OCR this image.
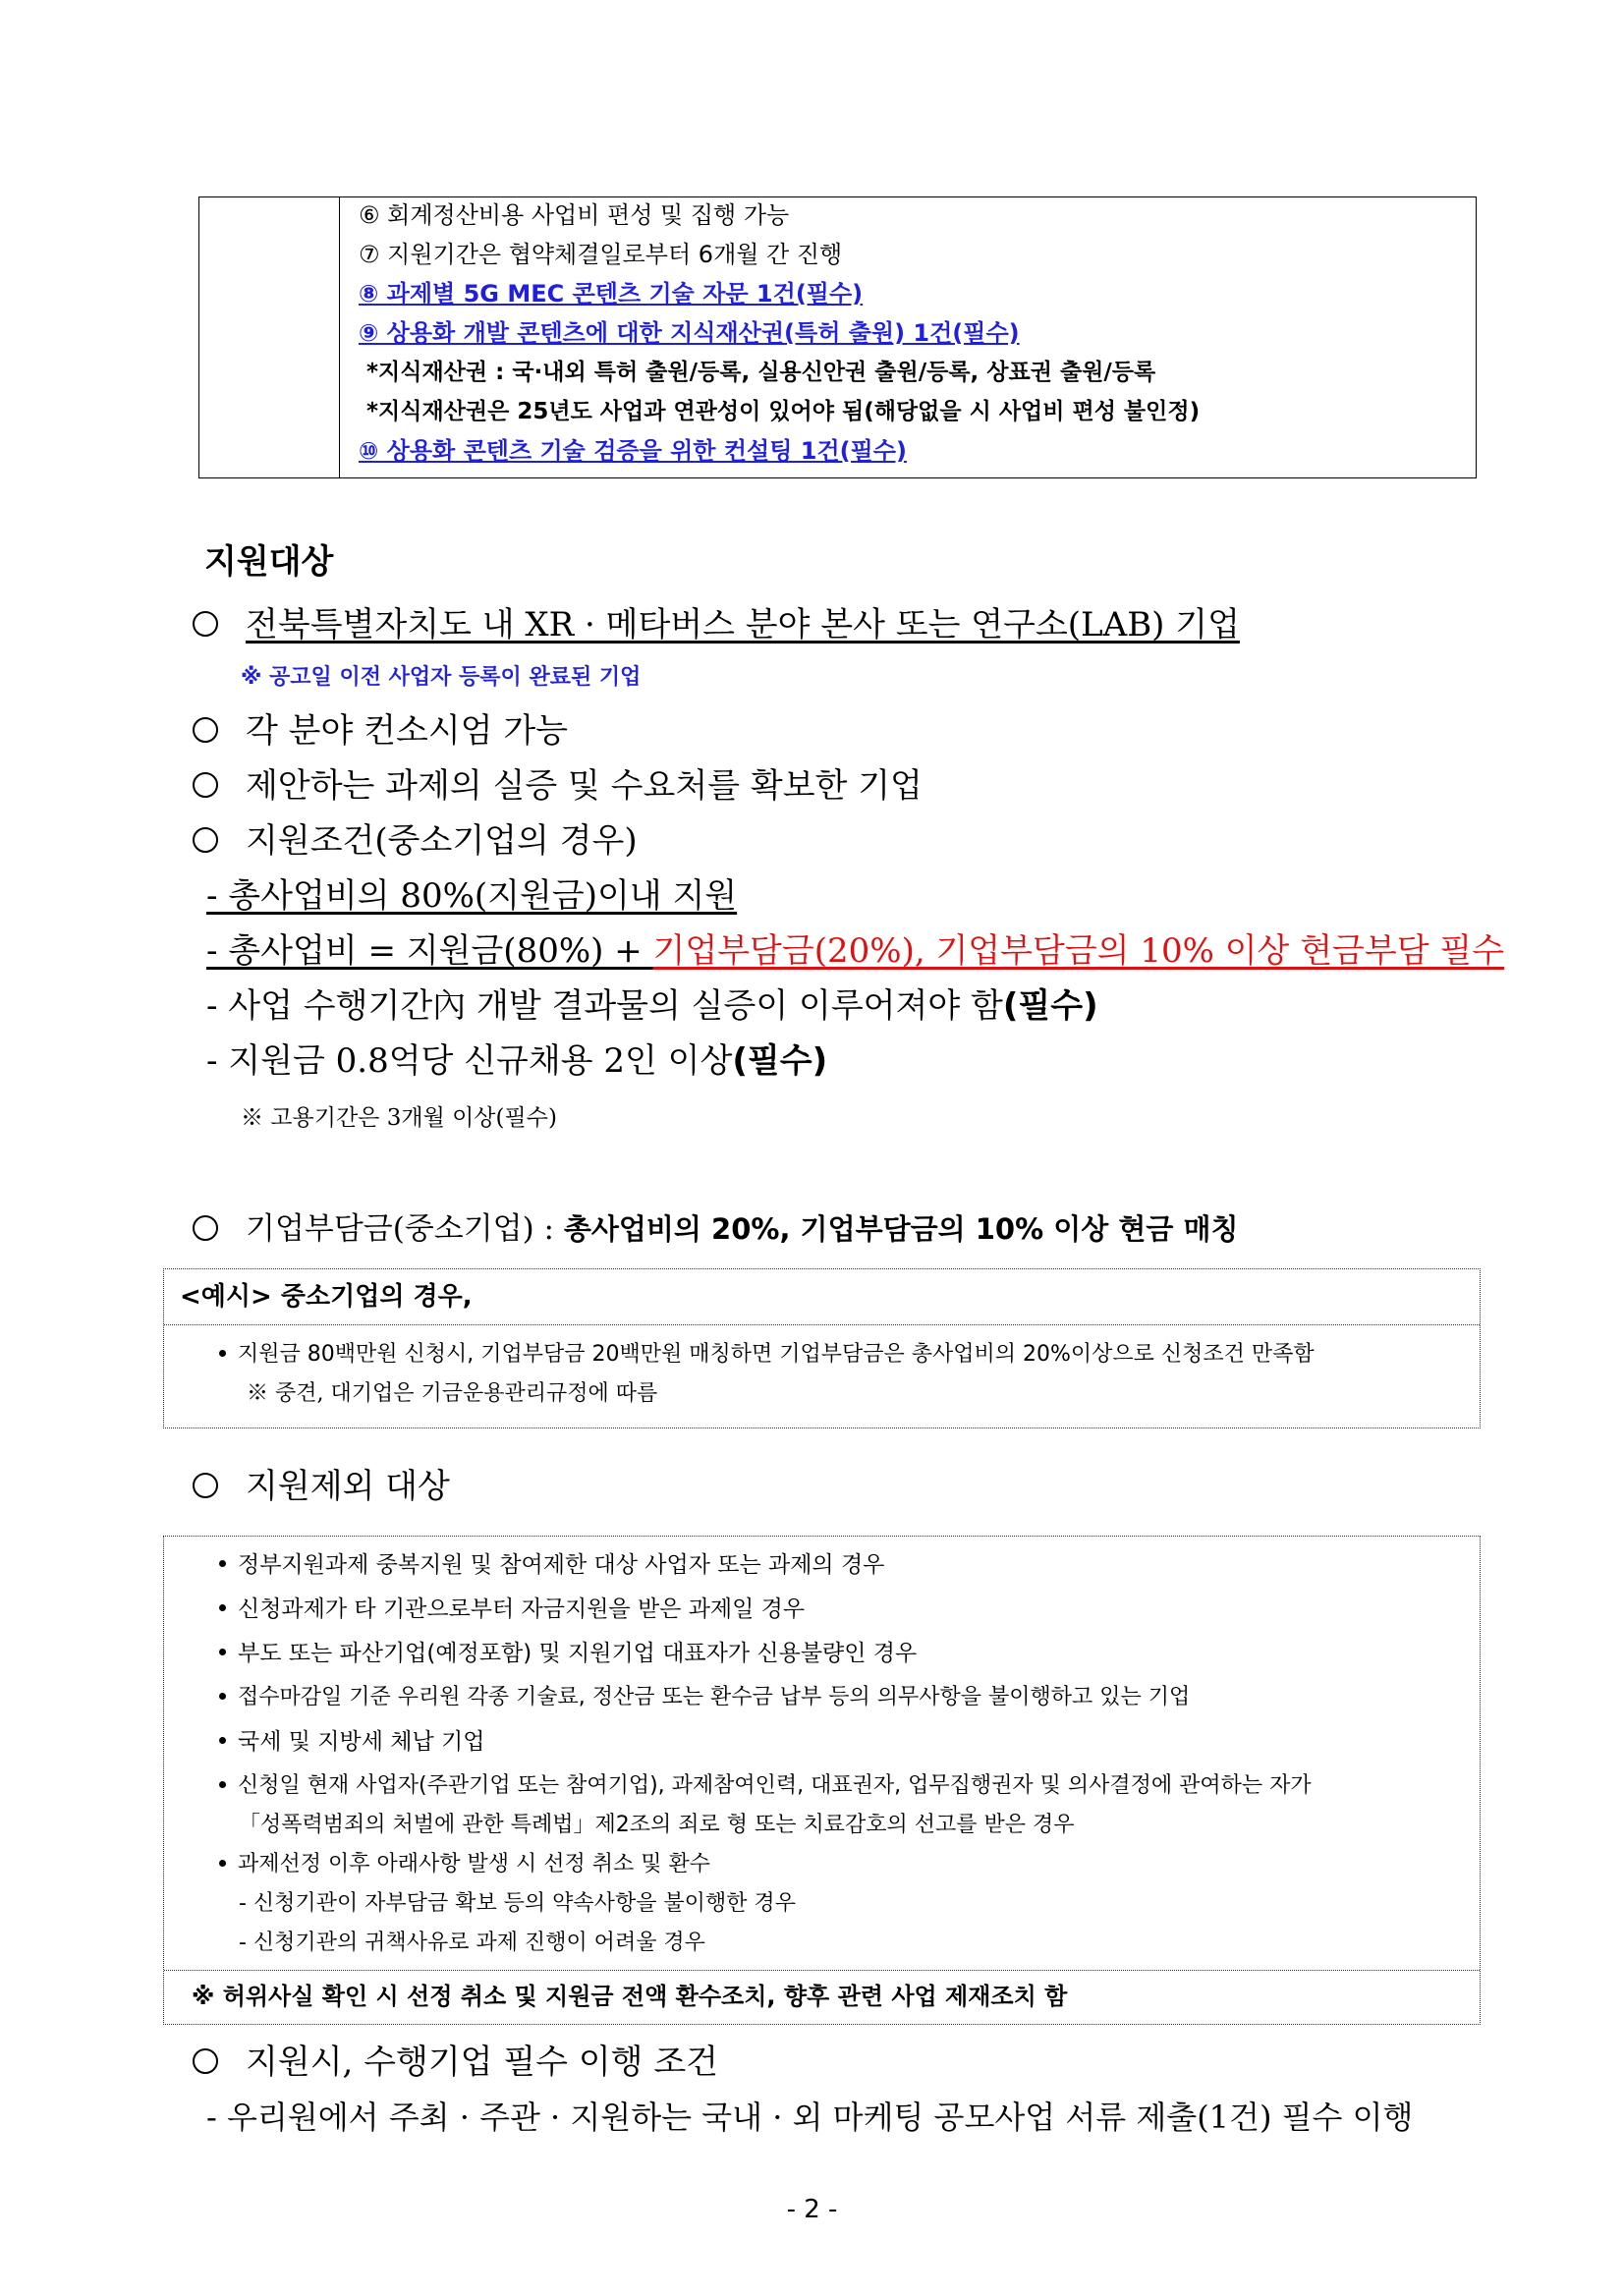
⑥ 회계정산비용 사업비 편성 및 집행 가능
⑦ 지원기간은 협약체결일로부터 6개월 간 진행
⑧ 과제별 5G MEC 콘텐츠 기술 자문 1건(필수)
⑨ 상용화 개발 콘텐츠에 대한 지식재산권(특허 출원) 1건(필수)
*지식재산권 : 국·내외 특허 출원/등록, 실용신안권 출원/등록, 상표권 출원/등록
*지식재산권은 25년도 사업과 연관성이 있어야 됨(해당없을 시 사업비 편성 불인정)
⑩ 상용화 콘텐츠 기술 검증을 위한 컨설팅 1건(필수)
지원대상
전북특별자치도 내 XR · 메타버스 분야 본사 또는 연구소(LAB) 기업
※ 공고일 이전 사업자 등록이 완료된 기업
각 분야 컨소시엄 가능
제안하는 과제의 실증 및 수요처를 확보한 기업
지원조건(중소기업의 경우)
- 총사업비의 80%(지원금)이내 지원
- 총사업비 = 지원금(80%) + 기업부담금(20%), 기업부담금의 10% 이상 현금부담 필수
- 사업 수행기간內 개발 결과물의 실증이 이루어져야 함(필수)
- 지원금 0.8억당 신규채용 2인 이상(필수)
※ 고용기간은 3개월 이상(필수)
기업부담금(중소기업) : 총사업비의 20%, 기업부담금의 10% 이상 현금 매칭
<예시> 중소기업의 경우,
지원금 80백만원 신청시, 기업부담금 20백만원 매칭하면 기업부담금은 총사업비의 20%이상으로 신청조건 만족함
※ 중견, 대기업은 기금운용관리규정에 따름
지원제외 대상
정부지원과제 중복지원 및 참여제한 대상 사업자 또는 과제의 경우
신청과제가 타 기관으로부터 자금지원을 받은 과제일 경우
부도 또는 파산기업(예정포함) 및 지원기업 대표자가 신용불량인 경우
접수마감일 기준 우리원 각종 기술료, 정산금 또는 환수금 납부 등의 의무사항을 불이행하고 있는 기업
국세 및 지방세 체납 기업
신청일 현재 사업자(주관기업 또는 참여기업), 과제참여인력, 대표권자, 업무집행권자 및 의사결정에 관여하는 자가
「성폭력범죄의 처벌에 관한 특례법」제2조의 죄로 형 또는 치료감호의 선고를 받은 경우
과제선정 이후 아래사항 발생 시 선정 취소 및 환수
- 신청기관이 자부담금 확보 등의 약속사항을 불이행한 경우
- 신청기관의 귀책사유로 과제 진행이 어려울 경우
※ 허위사실 확인 시 선정 취소 및 지원금 전액 환수조치, 향후 관련 사업 제재조치 함
지원시, 수행기업 필수 이행 조건
- 우리원에서 주최 · 주관 · 지원하는 국내 · 외 마케팅 공모사업 서류 제출(1건) 필수 이행
- 2 -
